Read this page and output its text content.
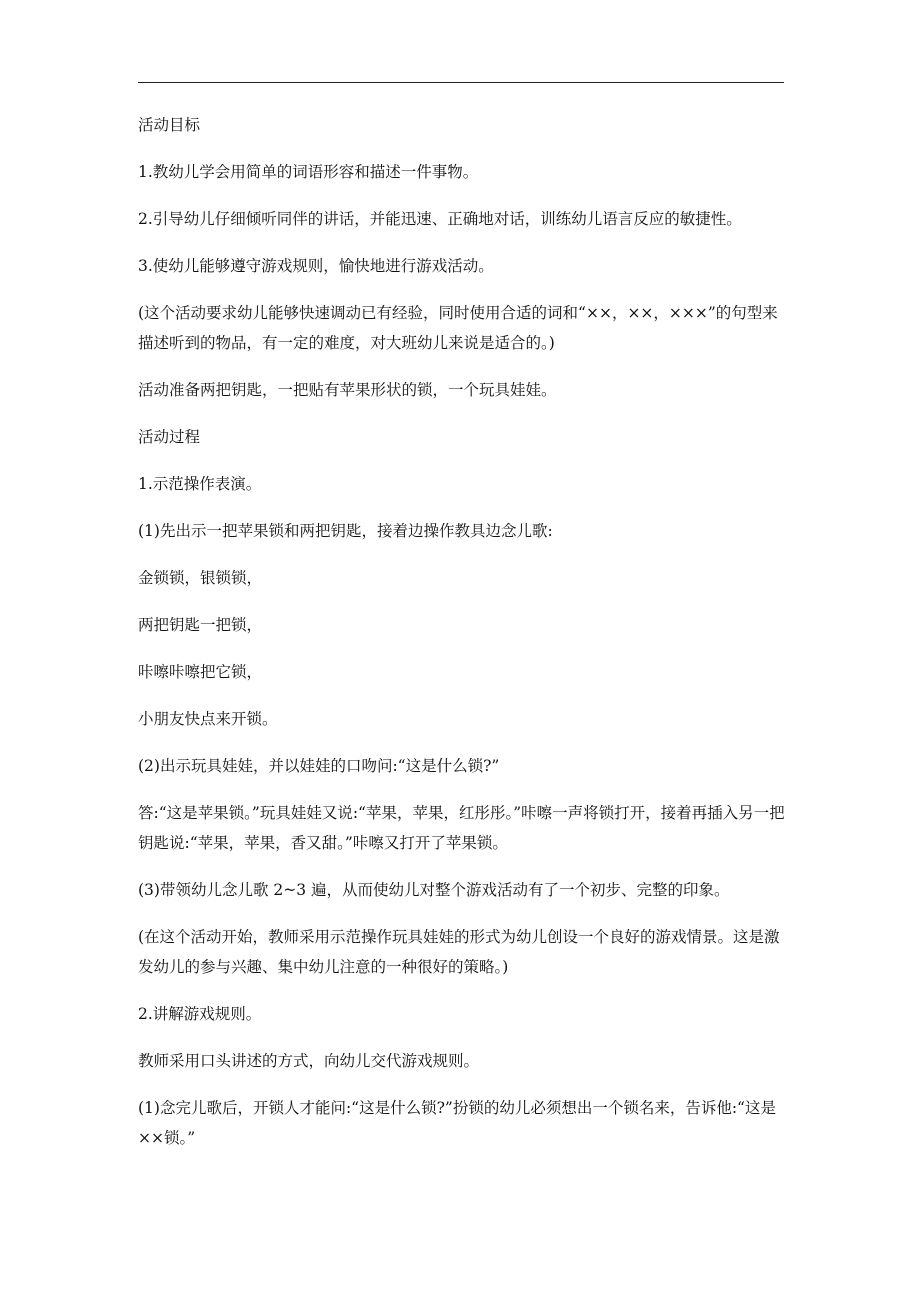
活动目标

1.教幼儿学会用简单的词语形容和描述一件事物。

2.引导幼儿仔细倾听同伴的讲话，并能迅速、正确地对话，训练幼儿语言反应的敏捷性。

3.使幼儿能够遵守游戏规则，愉快地进行游戏活动。

(这个活动要求幼儿能够快速调动已有经验，同时使用合适的词和“××，××，×××”的句型来描述听到的物品，有一定的难度，对大班幼儿来说是适合的。)

活动准备两把钥匙，一把贴有苹果形状的锁，一个玩具娃娃。

活动过程

1.示范操作表演。

(1)先出示一把苹果锁和两把钥匙，接着边操作教具边念儿歌:

金锁锁，银锁锁，

两把钥匙一把锁，

咔嚓咔嚓把它锁，

小朋友快点来开锁。

(2)出示玩具娃娃，并以娃娃的口吻问:“这是什么锁?”

答:“这是苹果锁。”玩具娃娃又说:“苹果，苹果，红彤彤。”咔嚓一声将锁打开，接着再插入另一把钥匙说:“苹果，苹果，香又甜。”咔嚓又打开了苹果锁。

(3)带领幼儿念儿歌 2~3 遍，从而使幼儿对整个游戏活动有了一个初步、完整的印象。

(在这个活动开始，教师采用示范操作玩具娃娃的形式为幼儿创设一个良好的游戏情景。这是激发幼儿的参与兴趣、集中幼儿注意的一种很好的策略。)

2.讲解游戏规则。

教师采用口头讲述的方式，向幼儿交代游戏规则。

(1)念完儿歌后，开锁人才能问:“这是什么锁?”扮锁的幼儿必须想出一个锁名来，告诉他:“这是××锁。”
